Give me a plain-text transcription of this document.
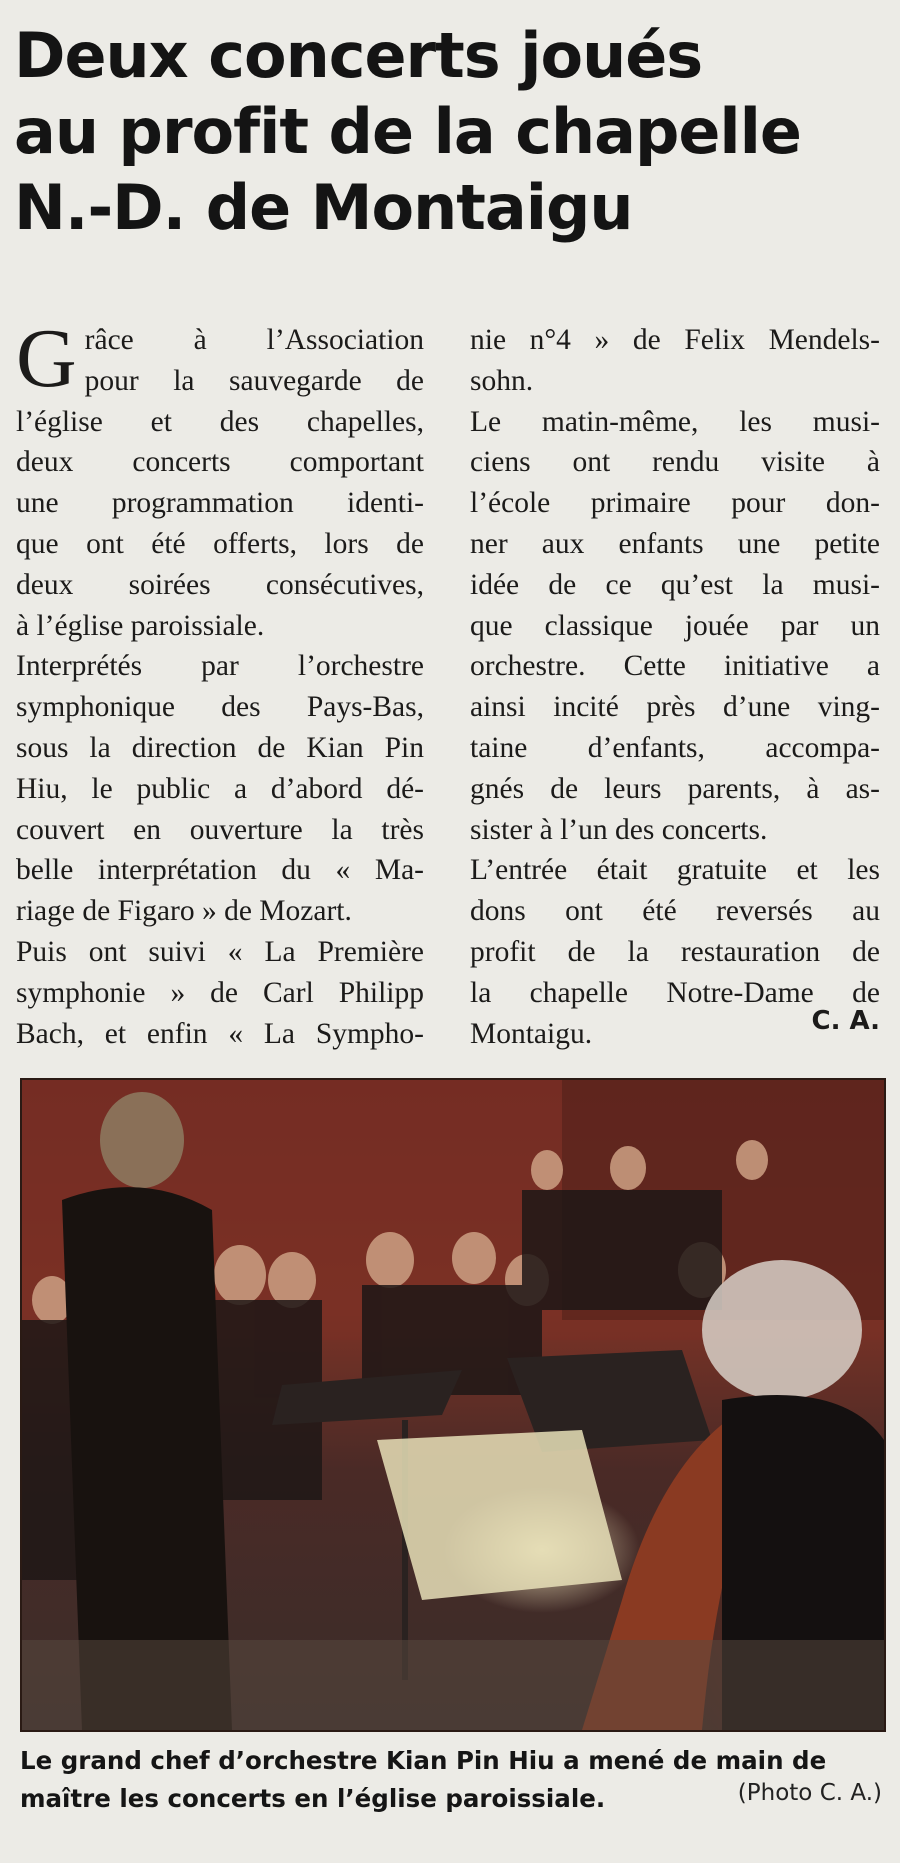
Deux concerts joués
au profit de la chapelle
N.-D. de Montaigu
G râce à l’Association
pour la sauvegarde de
l’église et des chapelles,
deux concerts comportant
une programmation identi-
que ont été offerts, lors de
deux soirées consécutives,
à l’église paroissiale.
Interprétés par l’orchestre
symphonique des Pays-Bas,
sous la direction de Kian Pin
Hiu, le public a d’abord dé-
couvert en ouverture la très
belle interprétation du « Ma-
riage de Figaro » de Mozart.
Puis ont suivi « La Première
symphonie » de Carl Philipp
Bach, et enfin « La Sympho-
nie n°4 » de Felix Mendels-
sohn.
Le matin-même, les musi-
ciens ont rendu visite à
l’école primaire pour don-
ner aux enfants une petite
idée de ce qu’est la musi-
que classique jouée par un
orchestre. Cette initiative a
ainsi incité près d’une ving-
taine d’enfants, accompa-
gnés de leurs parents, à as-
sister à l’un des concerts.
L’entrée était gratuite et les
dons ont été reversés au
profit de la restauration de
la chapelle Notre-Dame de
Montaigu.	C. A.
Le grand chef d’orchestre Kian Pin Hiu a mené de main de
maître les concerts en l’église paroissiale.	(Photo C. A.)
